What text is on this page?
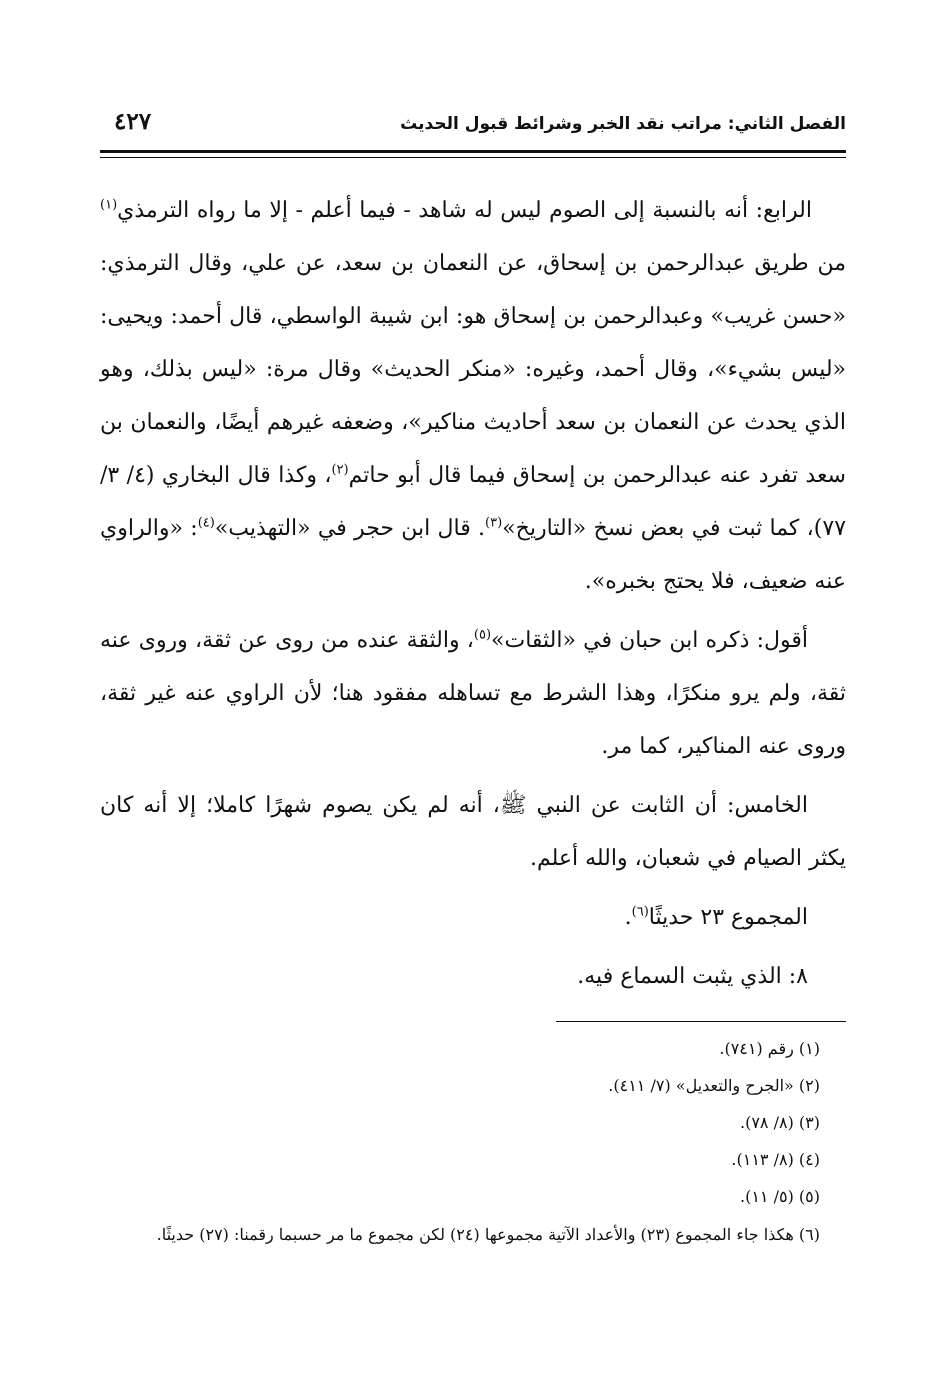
الفصل الثاني: مراتب نقد الخبر وشرائط قبول الحديث
٤٢٧

الرابع: أنه بالنسبة إلى الصوم ليس له شاهد - فيما أعلم - إلا ما رواه الترمذي$^{(١)}$ من طريق عبدالرحمن بن إسحاق، عن النعمان بن سعد، عن علي، وقال الترمذي: «حسن غريب» وعبدالرحمن بن إسحاق هو: ابن شيبة الواسطي، قال أحمد: ويحيى: «ليس بشيء»، وقال أحمد، وغيره: «منكر الحديث» وقال مرة: «ليس بذلك، وهو الذي يحدث عن النعمان بن سعد أحاديث مناكير»، وضعفه غيرهم أيضًا، والنعمان بن سعد تفرد عنه عبدالرحمن بن إسحاق فيما قال أبو حاتم$^{(٢)}$، وكذا قال البخاري (٤/ ٣/ ٧٧)، كما ثبت في بعض نسخ «التاريخ»$^{(٣)}$. قال ابن حجر في «التهذيب»$^{(٤)}$: «والراوي عنه ضعيف، فلا يحتج بخبره».

أقول: ذكره ابن حبان في «الثقات»$^{(٥)}$، والثقة عنده من روى عن ثقة، وروى عنه ثقة، ولم يرو منكرًا، وهذا الشرط مع تساهله مفقود هنا؛ لأن الراوي عنه غير ثقة، وروى عنه المناكير، كما مر.

الخامس: أن الثابت عن النبي ﷺ، أنه لم يكن يصوم شهرًا كاملا؛ إلا أنه كان يكثر الصيام في شعبان، والله أعلم.

المجموع ٢٣ حديثًا$^{(٦)}$.

٨: الذي يثبت السماع فيه.

(١) رقم (٧٤١).

(٢) «الجرح والتعديل» (٧/ ٤١١).

(٣) (٨/ ٧٨).

(٤) (٨/ ١١٣).

(٥) (٥/ ١١).

(٦) هكذا جاء المجموع (٢٣) والأعداد الآتية مجموعها (٢٤) لكن مجموع ما مر حسبما رقمنا: (٢٧) حديثًا.
